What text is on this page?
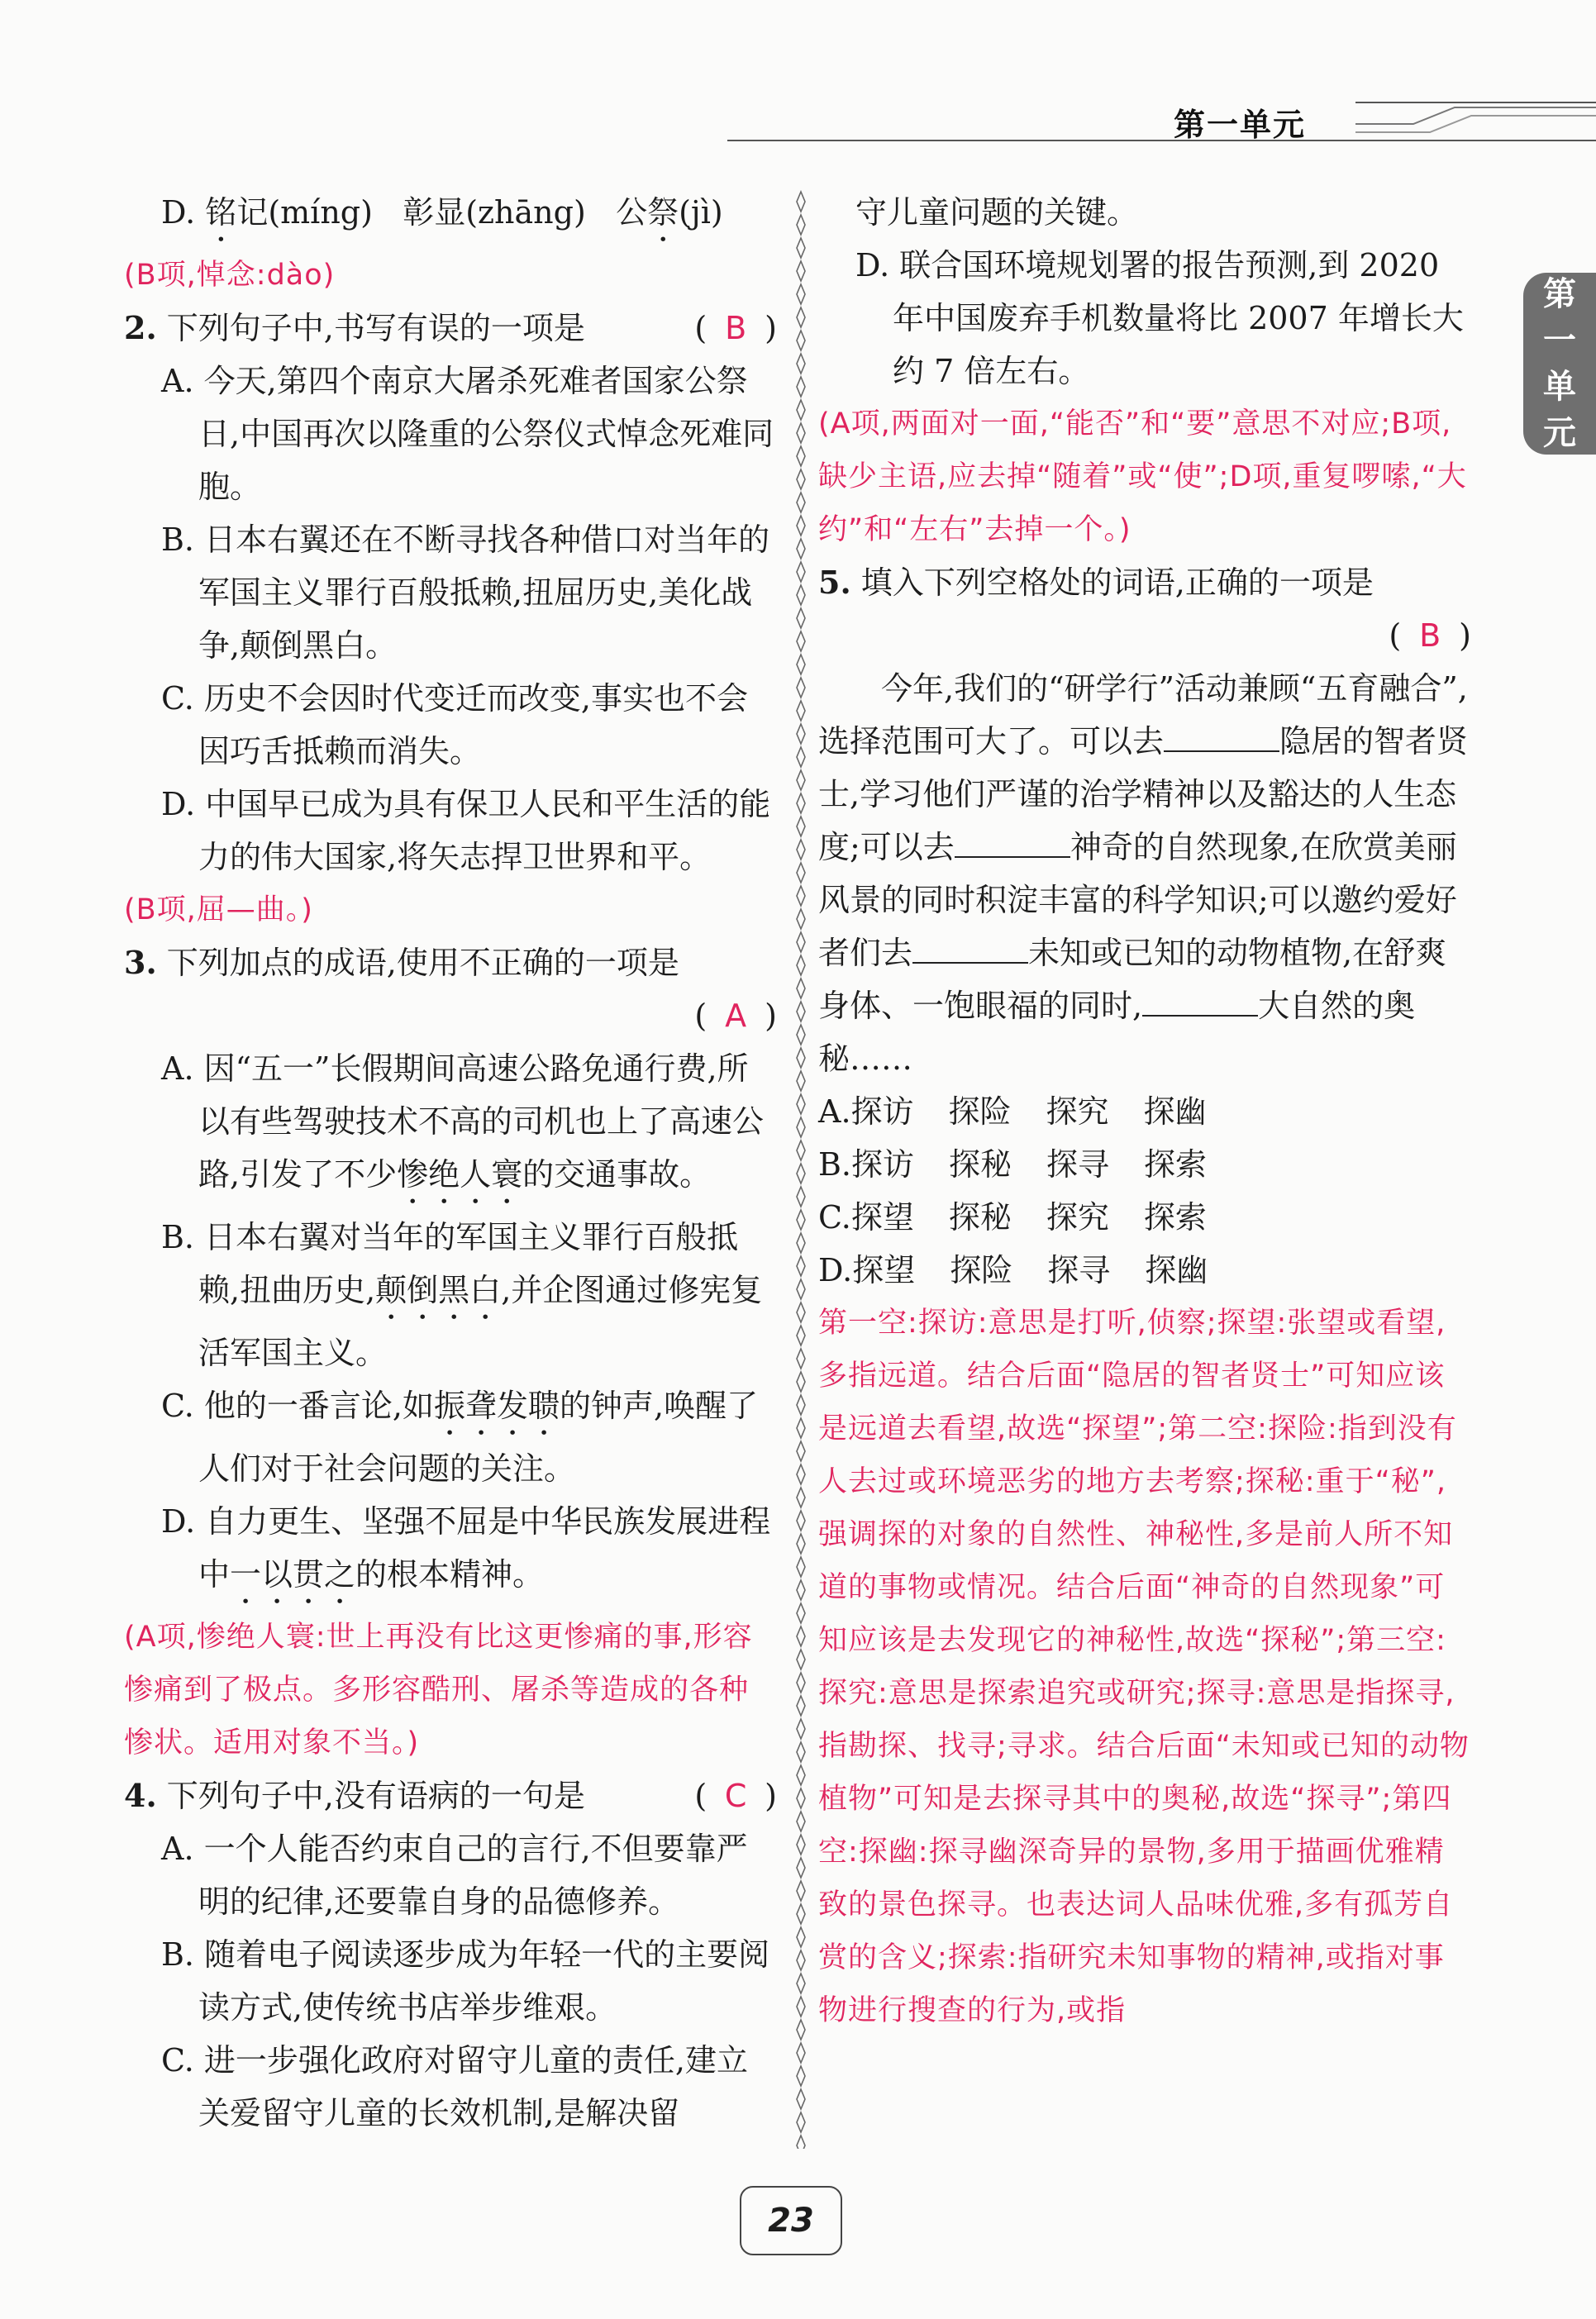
第一单元
第
一
单
元
D. 铭记(míng) 彰显(zhāng) 公祭(jì)
(B项,悼念:dào)
2. 下列句子中,书写有误的一项是	( B )
A. 今天,第四个南京大屠杀死难者国家公祭日,中国再次以隆重的公祭仪式悼念死难同胞。
B. 日本右翼还在不断寻找各种借口对当年的军国主义罪行百般抵赖,扭屈历史,美化战争,颠倒黑白。
C. 历史不会因时代变迁而改变,事实也不会因巧舌抵赖而消失。
D. 中国早已成为具有保卫人民和平生活的能力的伟大国家,将矢志捍卫世界和平。
(B项,屈—曲。)
3. 下列加点的成语,使用不正确的一项是
( A )
A. 因“五一”长假期间高速公路免通行费,所以有些驾驶技术不高的司机也上了高速公路,引发了不少惨绝人寰的交通事故。
B. 日本右翼对当年的军国主义罪行百般抵赖,扭曲历史,颠倒黑白,并企图通过修宪复活军国主义。
C. 他的一番言论,如振聋发聩的钟声,唤醒了人们对于社会问题的关注。
D. 自力更生、坚强不屈是中华民族发展进程中一以贯之的根本精神。
(A项,惨绝人寰:世上再没有比这更惨痛的事,形容惨痛到了极点。多形容酷刑、屠杀等造成的各种惨状。适用对象不当。)
4. 下列句子中,没有语病的一句是	( C )
A. 一个人能否约束自己的言行,不但要靠严明的纪律,还要靠自身的品德修养。
B. 随着电子阅读逐步成为年轻一代的主要阅读方式,使传统书店举步维艰。
C. 进一步强化政府对留守儿童的责任,建立关爱留守儿童的长效机制,是解决留
守儿童问题的关键。
D. 联合国环境规划署的报告预测,到 2020 年中国废弃手机数量将比 2007 年增长大约 7 倍左右。
(A项,两面对一面,“能否”和“要”意思不对应;B项,缺少主语,应去掉“随着”或“使”;D项,重复啰嗦,“大约”和“左右”去掉一个。)
5. 填入下列空格处的词语,正确的一项是
( B )
今年,我们的“研学行”活动兼顾“五育融合”,选择范围可大了。可以去	隐居的智者贤士,学习他们严谨的治学精神以及豁达的人生态度;可以去	神奇的自然现象,在欣赏美丽风景的同时积淀丰富的科学知识;可以邀约爱好者们去	未知或已知的动物植物,在舒爽身体、一饱眼福的同时,	大自然的奥秘……
A.探访 探险 探究 探幽
B.探访 探秘 探寻 探索
C.探望 探秘 探究 探索
D.探望 探险 探寻 探幽
第一空:探访:意思是打听,侦察;探望:张望或看望,多指远道。结合后面“隐居的智者贤士”可知应该是远道去看望,故选“探望”;第二空:探险:指到没有人去过或环境恶劣的地方去考察;探秘:重于“秘”,强调探的对象的自然性、神秘性,多是前人所不知道的事物或情况。结合后面“神奇的自然现象”可知应该是去发现它的神秘性,故选“探秘”;第三空:探究:意思是探索追究或研究;探寻:意思是指探寻,指勘探、找寻;寻求。结合后面“未知或已知的动物植物”可知是去探寻其中的奥秘,故选“探寻”;第四空:探幽:探寻幽深奇异的景物,多用于描画优雅精致的景色探寻。也表达词人品味优雅,多有孤芳自赏的含义;探索:指研究未知事物的精神,或指对事物进行搜查的行为,或指
23
